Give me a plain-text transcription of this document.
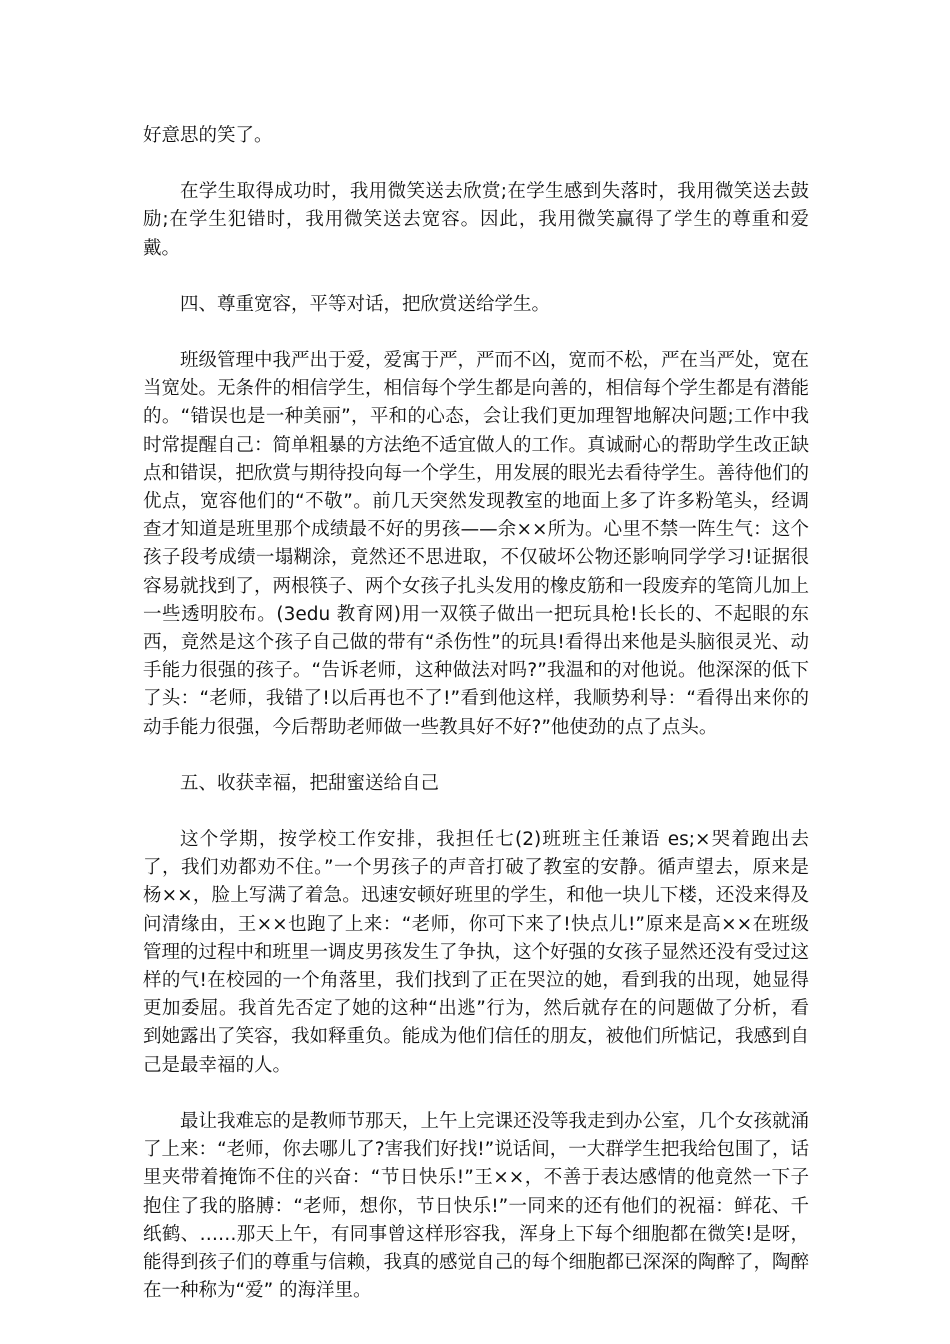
好意思的笑了。

在学生取得成功时，我用微笑送去欣赏;在学生感到失落时，我用微笑送去鼓励;在学生犯错时，我用微笑送去宽容。因此，我用微笑赢得了学生的尊重和爱戴。

四、尊重宽容，平等对话，把欣赏送给学生。

班级管理中我严出于爱，爱寓于严，严而不凶，宽而不松，严在当严处，宽在当宽处。无条件的相信学生，相信每个学生都是向善的，相信每个学生都是有潜能的。“错误也是一种美丽”，平和的心态，会让我们更加理智地解决问题;工作中我时常提醒自己：简单粗暴的方法绝不适宜做人的工作。真诚耐心的帮助学生改正缺点和错误，把欣赏与期待投向每一个学生，用发展的眼光去看待学生。善待他们的优点，宽容他们的“不敬”。前几天突然发现教室的地面上多了许多粉笔头，经调查才知道是班里那个成绩最不好的男孩——余××所为。心里不禁一阵生气：这个孩子段考成绩一塌糊涂，竟然还不思进取，不仅破坏公物还影响同学学习!证据很容易就找到了，两根筷子、两个女孩子扎头发用的橡皮筋和一段废弃的笔筒儿加上一些透明胶布。(3edu 教育网)用一双筷子做出一把玩具枪!长长的、不起眼的东西，竟然是这个孩子自己做的带有“杀伤性”的玩具!看得出来他是头脑很灵光、动手能力很强的孩子。“告诉老师，这种做法对吗?”我温和的对他说。他深深的低下了头：“老师，我错了!以后再也不了!”看到他这样，我顺势利导：“看得出来你的动手能力很强，今后帮助老师做一些教具好不好?”他使劲的点了点头。

五、收获幸福，把甜蜜送给自己

这个学期，按学校工作安排，我担任七(2)班班主任兼语 es;×哭着跑出去了，我们劝都劝不住。”一个男孩子的声音打破了教室的安静。循声望去，原来是杨××，脸上写满了着急。迅速安顿好班里的学生，和他一块儿下楼，还没来得及问清缘由，王××也跑了上来：“老师，你可下来了!快点儿!”原来是高××在班级管理的过程中和班里一调皮男孩发生了争执，这个好强的女孩子显然还没有受过这样的气!在校园的一个角落里，我们找到了正在哭泣的她，看到我的出现，她显得更加委屈。我首先否定了她的这种“出逃”行为，然后就存在的问题做了分析，看到她露出了笑容，我如释重负。能成为他们信任的朋友，被他们所惦记，我感到自己是最幸福的人。

最让我难忘的是教师节那天，上午上完课还没等我走到办公室，几个女孩就涌了上来：“老师，你去哪儿了?害我们好找!”说话间，一大群学生把我给包围了，话里夹带着掩饰不住的兴奋：“节日快乐!”王××，不善于表达感情的他竟然一下子抱住了我的胳膊：“老师，想你，节日快乐!”一同来的还有他们的祝福：鲜花、千纸鹤、……那天上午，有同事曾这样形容我，浑身上下每个细胞都在微笑!是呀，能得到孩子们的尊重与信赖，我真的感觉自己的每个细胞都已深深的陶醉了，陶醉在一种称为“爱” 的海洋里。
